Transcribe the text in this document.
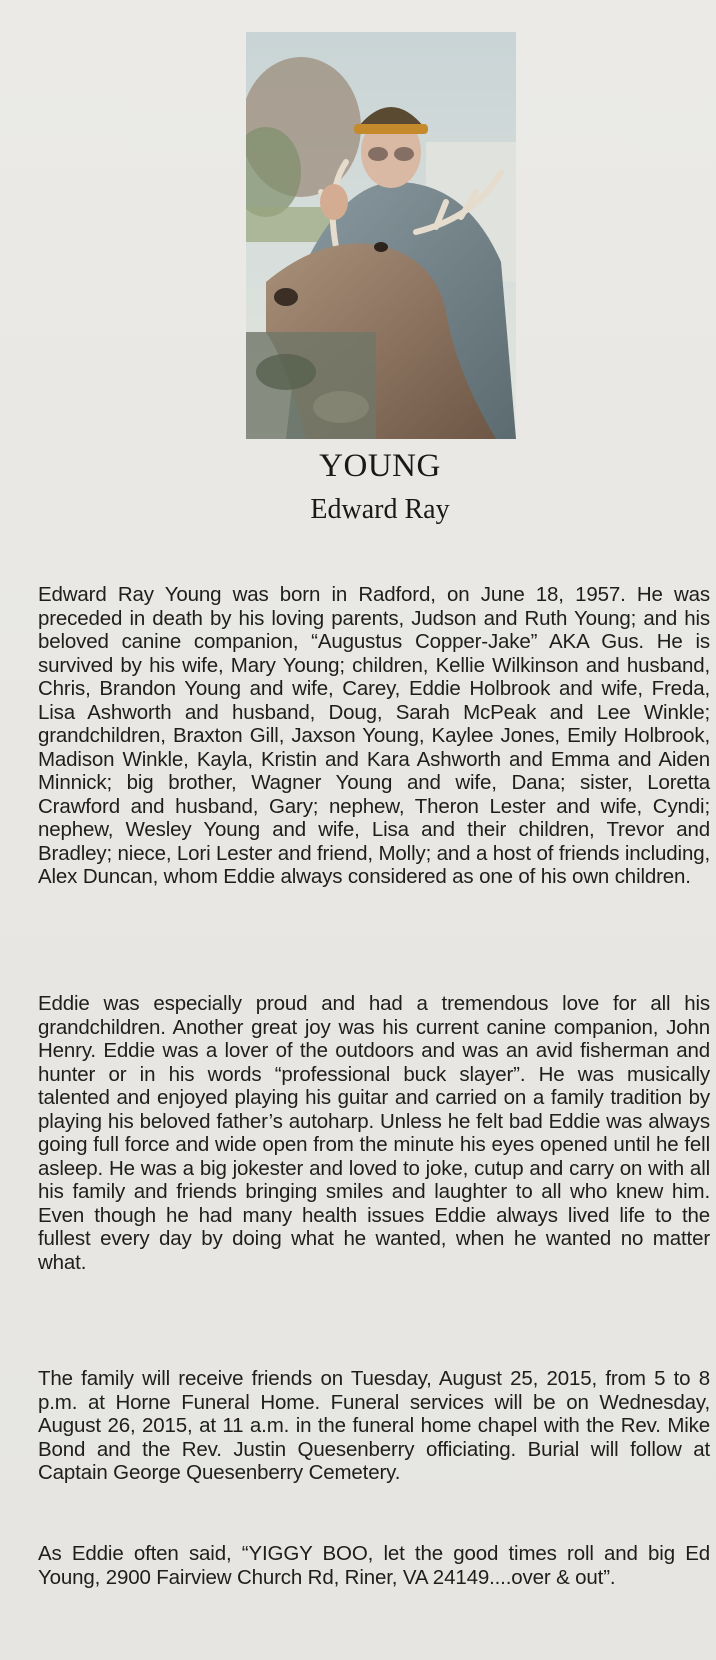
YOUNG
Edward Ray
Edward Ray Young was born in Radford, on June 18, 1957. He was preceded in death by his loving parents, Judson and Ruth Young; and his beloved canine companion, “Augustus Copper-Jake” AKA Gus. He is survived by his wife, Mary Young; children, Kellie Wilkinson and husband, Chris, Brandon Young and wife, Carey, Eddie Holbrook and wife, Freda, Lisa Ashworth and husband, Doug, Sarah McPeak and Lee Winkle; grandchildren, Braxton Gill, Jaxson Young, Kaylee Jones, Emily Holbrook, Madison Winkle, Kayla, Kristin and Kara Ashworth and Emma and Aiden Minnick; big brother, Wagner Young and wife, Dana; sister, Loretta Crawford and husband, Gary; nephew, Theron Lester and wife, Cyndi; nephew, Wesley Young and wife, Lisa and their children, Trevor and Bradley; niece, Lori Lester and friend, Molly; and a host of friends including, Alex Duncan, whom Eddie always considered as one of his own children.
Eddie was especially proud and had a tremendous love for all his grandchildren. Another great joy was his current canine companion, John Henry. Eddie was a lover of the outdoors and was an avid fisherman and hunter or in his words “professional buck slayer”. He was musically talented and enjoyed playing his guitar and carried on a family tradition by playing his beloved father’s autoharp. Unless he felt bad Eddie was always going full force and wide open from the minute his eyes opened until he fell asleep. He was a big jokester and loved to joke, cutup and carry on with all his family and friends bringing smiles and laughter to all who knew him. Even though he had many health issues Eddie always lived life to the fullest every day by doing what he wanted, when he wanted no matter what.
The family will receive friends on Tuesday, August 25, 2015, from 5 to 8 p.m. at Horne Funeral Home. Funeral services will be on Wednesday, August 26, 2015, at 11 a.m. in the funeral home chapel with the Rev. Mike Bond and the Rev. Justin Quesenberry officiating. Burial will follow at Captain George Quesenberry Cemetery.
As Eddie often said, “YIGGY BOO, let the good times roll and big Ed Young, 2900 Fairview Church Rd, Riner, VA 24149....over & out”.
